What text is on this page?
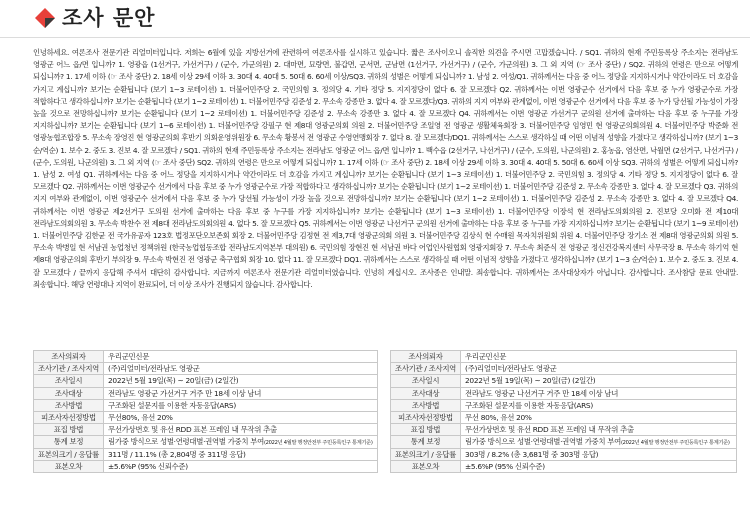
조사 문안
인녕하세요. 여론조사 전문기관 리얼미터입니다. 저희는 6월에 있을 지방선거에 관련하여 여론조사를 실시하고 있습니다. 짧은 조사이오니 솔직한 의견을 주시면 고맙겠습니다. / SQ1. 귀하의 현재 주민등록상 주소지는 전라남도 영광군 어느 읍/면 입니까? 1. 영광읍 (1선거구, 가선거구) / (군수, 가군의원) 2. 대마면, 묘량면, 불갑면, 군서면, 군남면 (1선거구, 가선거구) / (군수, 가군의원) 3. 그 외 지역 (☞ 조사 중단) / SQ2. 귀하의 연령은 만으로 어떻게 되십니까? 1. 17세 이하 (☞ 조사 중단) 2. 18세 이상 29세 이하 3. 30대 4. 40대 5. 50대 6. 60세 이상/SQ3. 귀하의 성별은 어떻게 되십니까? 1. 남성 2. 여성/Q1. 귀하께서는 다음 중 어느 정당을 지지하시거나 약간이라도 더 호감을 가지고 계십니까? 보기는 순환됩니다 (보기 1~3 로테이션) 1. 더불어민주당 2. 국민의힘 3. 정의당 4. 기타 정당 5. 지지정당이 없다 6. 잘 모르겠다 Q2. 귀하께서는 이번 영광군수 선거에서 다음 후보 중 누가 영광군수로 가장 적합하다고 생각하십니까? 보기는 순환됩니다 (보기 1~2 로테이션) 1. 더불어민주당 김준성 2. 무소속 강종만 3. 없다 4. 잘 모르겠다/Q3. 귀하의 지지 여부와 관계없이, 이번 영광군수 선거에서 다음 후보 중 누가 당선될 가능성이 가장 높을 것으로 전망하십니까? 보기는 순환됩니다 (보기 1~2 로테이션) 1. 더불어민주당 김준성 2. 무소속 강종만 3. 없다 4. 잘 모르겠다 Q4. 귀하께서는 이번 영광군 가선거구 군의원 선거에 출마하는 다음 후보 중 누구를 가장 지지하십니까? 보기는 순환됩니다 (보기 1~6 로테이션) 1. 더불어민주당 강필구 현 제8대 영광군의회 의원 2. 더불어민주당 조일영 전 영광군 생활체육회장 3. 더불어민주당 임영민 현 영광군의회의원 4. 더불어민주당 박준화 전 영광농협조합장 5. 무소속 장영진 현 영광군의회 후반기 의회운영위원장 6. 무소속 황봉서 전 영광군 수영연맹회장 7. 없다 8. 잘 모르겠다/DQ1. 귀하께서는 스스로 생각하실 때 어떤 이념적 성향을 가졌다고 생각하십니까? (보기 1~3 순/역순) 1. 보수 2. 중도 3. 진보 4. 잘 모르겠다 / SQ1. 귀하의 현재 주민등록상 주소지는 전라남도 영광군 어느 읍/면 입니까? 1. 백수읍 (2선거구, 나선거구) / (군수, 도의원, 나군의원) 2. 홍농읍, 염산면, 낙월면 (2선거구, 나선거구) / (군수, 도의원, 나군의원) 3. 그 외 지역 (☞ 조사 중단) SQ2. 귀하의 연령은 만으로 어떻게 되십니까? 1. 17세 이하 (☞ 조사 중단) 2. 18세 이상 29세 이하 3. 30대 4. 40대 5. 50대 6. 60세 이상 SQ3. 귀하의 성별은 어떻게 되십니까? 1. 남성 2. 여성 Q1. 귀하께서는 다음 중 어느 정당을 지지하시거나 약간이라도 더 호감을 가지고 계십니까? 보기는 순환됩니다 (보기 1~3 로테이션) 1. 더불어민주당 2. 국민의힘 3. 정의당 4. 기타 정당 5. 지지정당이 없다 6. 잘 모르겠다 Q2. 귀하께서는 이번 영광군수 선거에서 다음 후보 중 누가 영광군수로 가장 적합하다고 생각하십니까? 보기는 순환됩니다 (보기 1~2 로테이션) 1. 더불어민주당 김준성 2. 무소속 강종만 3. 없다 4. 잘 모르겠다 Q3. 귀하의 지지 여부와 관계없이, 이번 영광군수 선거에서 다음 후보 중 누가 당선될 가능성이 가장 높을 것으로 전망하십니까? 보기는 순환됩니다 (보기 1~2 로테이션) 1. 더불어민주당 김준성 2. 무소속 강종만 3. 없다 4. 잘 모르겠다 Q4. 귀하께서는 이번 영광군 제2선거구 도의원 선거에 출마하는 다음 후보 중 누구를 가장 지지하십니까? 보기는 순환됩니다 (보기 1~3 로테이션) 1. 더불어민주당 이장석 현 전라남도의회의원 2. 진보당 오미화 전 제10대 전라남도의회의원 3. 무소속 박찬수 전 제8대 전라남도의회의원 4. 없다 5. 잘 모르겠다 Q5. 귀하께서는 이번 영광군 나선거구 군의원 선거에 출마하는 다음 후보 중 누구를 가장 지지하십니까? 보기는 순환됩니다 (보기 1~9 로테이션) 1. 더불어민주당 김한균 전 국가유공자 123호 법정포단오보존회 회장 2. 더불어민주당 김정현 전 제3,7대 영광군의회 의원 3. 더불어민주당 김상식 현 수매원 목자치위원회 위원 4. 더불어민주당 장기소 전 제8대 영광군의회 의원 5. 무소속 박병일 현 서남권 농업청년 정책위원 (한국농업협동조합 전라남도지역본부 대의원) 6. 국민의힘 장현진 현 서남권 바다 어업인사원협회 영광지회장 7. 무소속 최준식 전 영광군 정신건강복지센터 사무국장 8. 무소속 하기억 현 제8대 영광군의회 후반기 부의장 9. 무소속 박현진 전 영광군 축구협회 회장 10. 없다 11. 잘 모르겠다 DQ1. 귀하께서는 스스로 생각하실 때 어떤 이념적 성향을 가졌다고 생각하십니까? (보기 1~3 순/역순) 1. 보수 2. 중도 3. 진보 4. 잘 모르겠다 / 끝까지 응답해 주셔서 대단히 감사합니다. 지금까지 여론조사 전문기관 리얼미터였습니다. 인녕히 계십시오. 조사종은 인내말. 죄송합니다. 귀하께서는 조사대상자가 아닙니다. 감사합니다. 조사참담 문료 안내말. 죄송합니다. 해당 연령대나 지역이 완료되어, 더 이상 조사가 진행되지 않습니다. 감사합니다.
조사의뢰자	우리군민신문
조사기관 / 조사지역	(주)리얼미터/전라남도 영광군
조사일시	2022년 5월 19일(목) ~ 20일(금) (2일간)
조사대상	전라남도 영광군 가선거구 거주 만 18세 이상 남녀
조사방법	구조화된 설문지를 이용한 자동응답(ARS)
피조사자선정방법	무선80%, 유선 20%
표집 방법	무선가상번호 및 유선 RDD 표본 프레임 내 무작위 추출
통계 보정	림가중 방식으로 성별·연령대별·권역별 가중치 부여(2022년 4월말 행정안전부 주민등록인구 통계기준)
표본의크기 / 응답률	311명 / 11.1% (총 2,804명 중 311명 응답)
표본오차	±5.6%P (95% 신뢰수준)
조사의뢰자	우리군민신문
조사기관 / 조사지역	(주)리얼미터/전라남도 영광군
조사일시	2022년 5월 19일(목) ~ 20일(금) (2일간)
조사대상	전라남도 영광군 나선거구 거주 만 18세 이상 남녀
조사방법	구조화된 설문지를 이용한 자동응답(ARS)
피조사자선정방법	무선 80%, 유선 20%
표집 방법	무선가상번호 및 유선 RDD 표본 프레임 내 무작위 추출
통계 보정	림가중 방식으로 성별·연령대별·권역별 가중치 부여(2022년 4월말 행정안전부 주민등록인구 통계기준)
표본의크기 / 응답률	303명 / 8.2% (총 3,681명 중 303명 응답)
표본오차	±5.6%P (95% 신뢰수준)
